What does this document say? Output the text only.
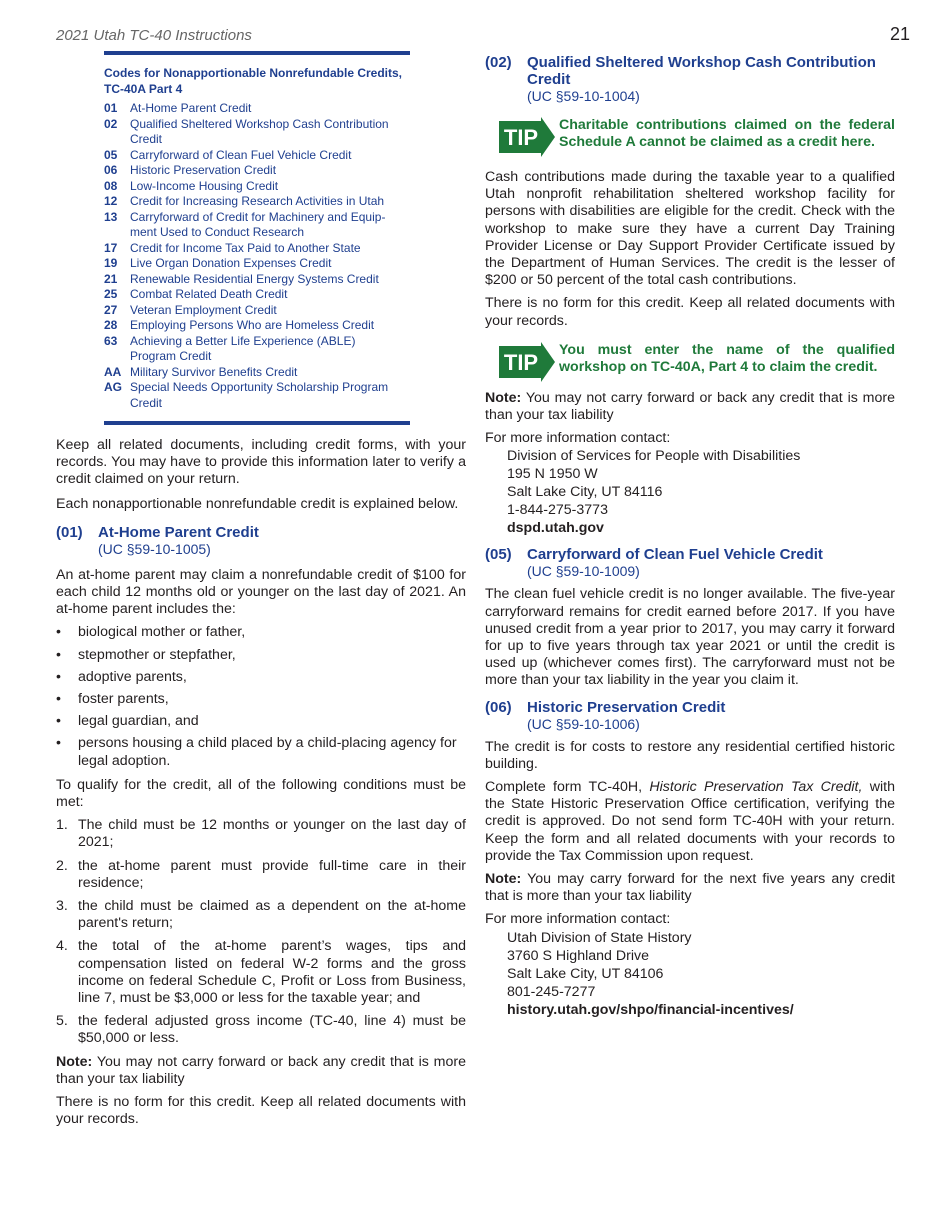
2021 Utah TC-40 Instructions	21
Codes for Nonapportionable Nonrefundable Credits,
TC-40A Part 4
01	At-Home Parent Credit
02	Qualified Sheltered Workshop Cash Contribution
Credit
05	Carryforward of Clean Fuel Vehicle Credit
06	Historic Preservation Credit
08	Low-Income Housing Credit
12	Credit for Increasing Research Activities in Utah
13	Carryforward of Credit for Machinery and Equip-
ment Used to Conduct Research
17	Credit for Income Tax Paid to Another State
19	Live Organ Donation Expenses Credit
21	Renewable Residential Energy Systems Credit
25	Combat Related Death Credit
27	Veteran Employment Credit
28	Employing Persons Who are Homeless Credit
63	Achieving a Better Life Experience (ABLE)
Program Credit
AA Military Survivor Benefits Credit
AG Special Needs Opportunity Scholarship Program
Credit

Keep all related documents, including credit forms, with your records. You may have to provide this information later to verify a credit claimed on your return.

Each nonapportionable nonrefundable credit is explained below.

(01)	At-Home Parent Credit
(UC §59-10-1005)

An at-home parent may claim a nonrefundable credit of $100 for each child 12 months old or younger on the last day of 2021. An at-home parent includes the:

•	biological mother or father,
•	stepmother or stepfather,
•	adoptive parents,
•	foster parents,
•	legal guardian, and
•	persons housing a child placed by a child-placing agency for legal adoption.

To qualify for the credit, all of the following conditions must be met:

1. The child must be 12 months or younger on the last day of 2021;
2. the at-home parent must provide full-time care in their residence;
3. the child must be claimed as a dependent on the at-home parent's return;
4. the total of the at-home parent’s wages, tips and compensation listed on federal W-2 forms and the gross income on federal Schedule C, Profit or Loss from Business, line 7, must be $3,000 or less for the taxable year; and
5. the federal adjusted gross income (TC-40, line 4) must be $50,000 or less.

Note: You may not carry forward or back any credit that is more than your tax liability

There is no form for this credit. Keep all related documents with your records.

(02)	Qualified Sheltered Workshop Cash Contribution
Credit
(UC §59-10-1004)
TIP Charitable contributions claimed on the federal Schedule A cannot be claimed as a credit here.

Cash contributions made during the taxable year to a qualified Utah nonprofit rehabilitation sheltered workshop facility for persons with disabilities are eligible for the credit. Check with the workshop to make sure they have a current Day Training Provider License or Day Support Provider Certificate issued by the Department of Human Services. The credit is the lesser of $200 or 50 percent of the total cash contributions.

There is no form for this credit. Keep all related documents with your records.

TIP You must enter the name of the qualified workshop on TC-40A, Part 4 to claim the credit.

Note: You may not carry forward or back any credit that is more than your tax liability

For more information contact:

Division of Services for People with Disabilities
195 N 1950 W
Salt Lake City, UT 84116
1-844-275-3773
dspd.utah.gov
(05)	Carryforward of Clean Fuel Vehicle Credit
(UC §59-10-1009)

The clean fuel vehicle credit is no longer available. The five-year carryforward remains for credit earned before 2017. If you have unused credit from a year prior to 2017, you may carry it forward for up to five years through tax year 2021 or until the credit is used up (whichever comes first). The carryforward must not be more than your tax liability in the year you claim it.

(06)	Historic Preservation Credit
(UC §59-10-1006)

The credit is for costs to restore any residential certified historic building.

Complete form TC-40H, Historic Preservation Tax Credit, with the State Historic Preservation Office certification, verifying the credit is approved. Do not send form TC-40H with your return. Keep the form and all related documents with your records to provide the Tax Commission upon request.

Note: You may carry forward for the next five years any credit that is more than your tax liability

For more information contact:

Utah Division of State History
3760 S Highland Drive
Salt Lake City, UT 84106
801-245-7277
history.utah.gov/shpo/financial-incentives/
